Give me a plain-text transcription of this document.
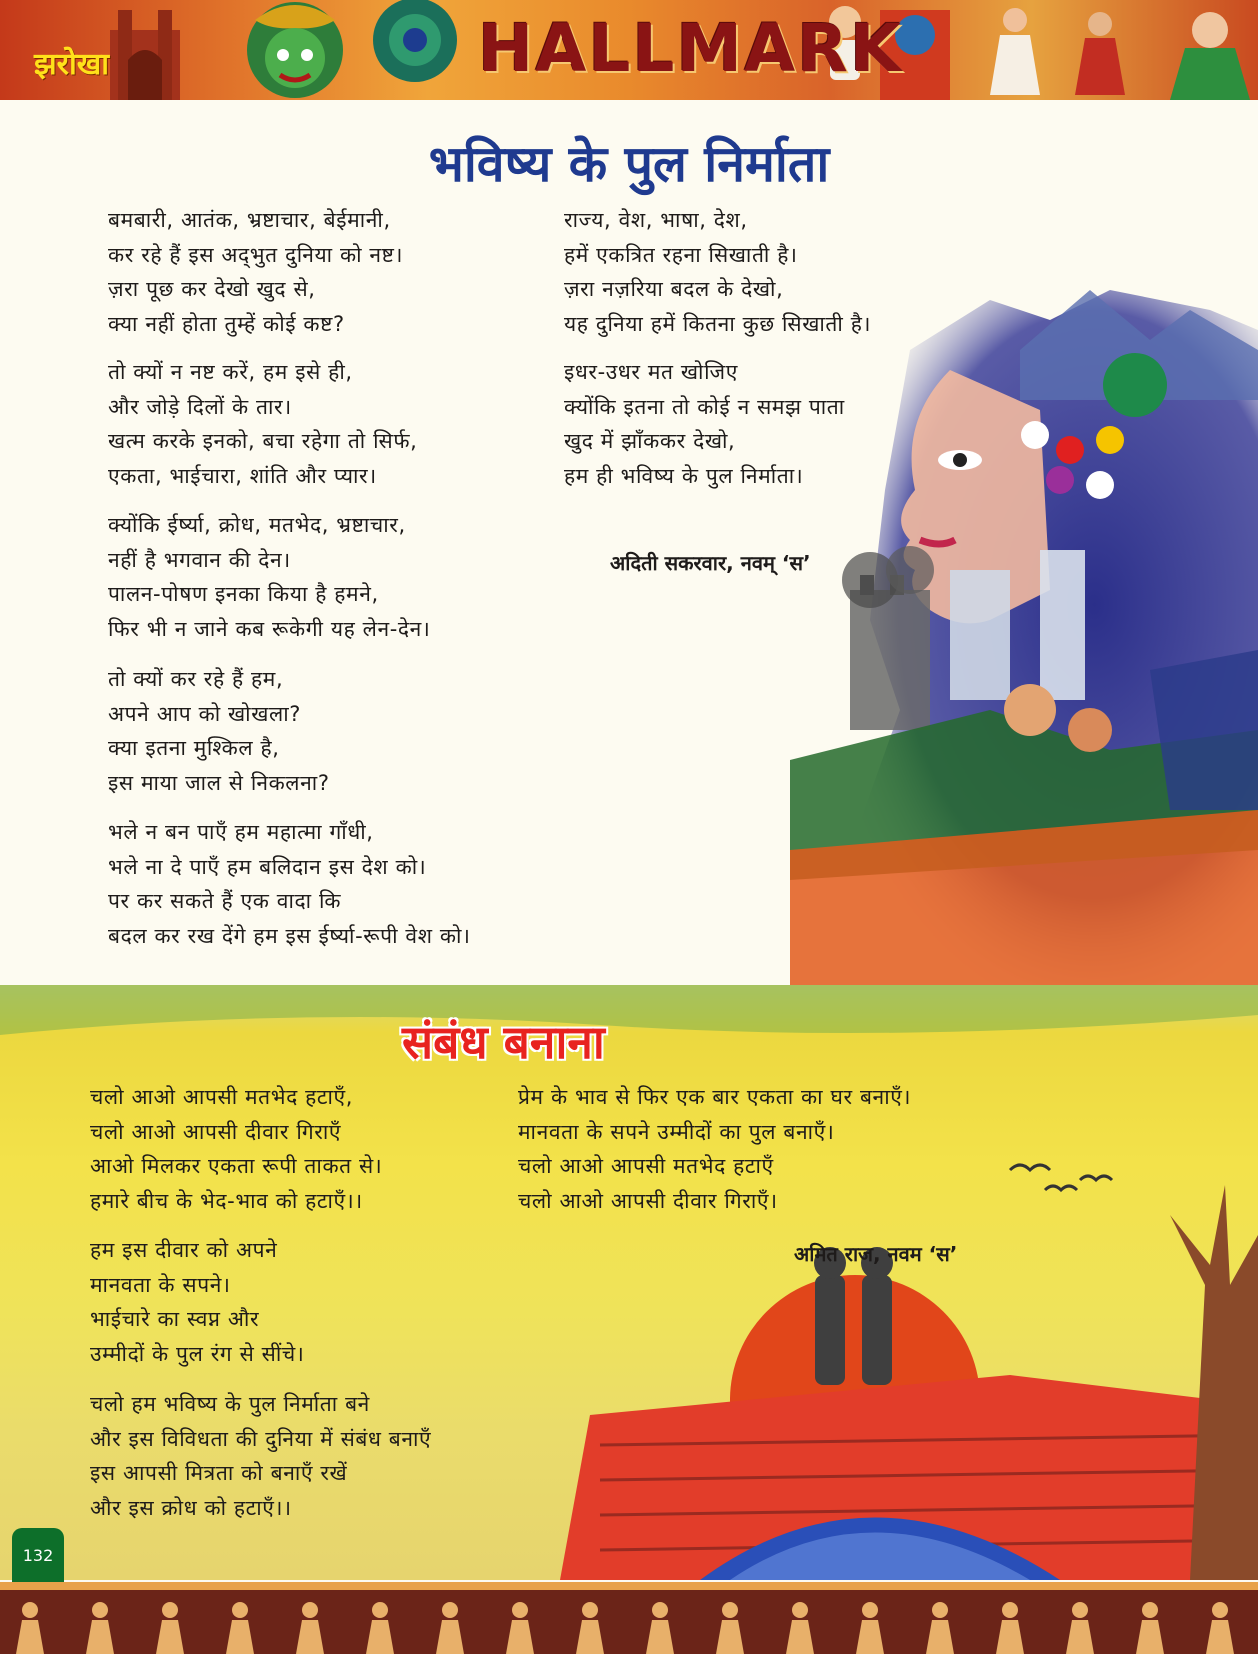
झरोखा	HALLMARK
भविष्य के पुल निर्माता
बमबारी, आतंक, भ्रष्टाचार, बेईमानी,
कर रहे हैं इस अद्‌भुत दुनिया को नष्ट।
ज़रा पूछ कर देखो खुद से,
क्या नहीं होता तुम्हें कोई कष्ट?
तो क्यों न नष्ट करें, हम इसे ही,
और जोड़े दिलों के तार।
खत्म करके इनको, बचा रहेगा तो सिर्फ,
एकता, भाईचारा, शांति और प्यार।
क्योंकि ईर्ष्या, क्रोध, मतभेद, भ्रष्टाचार,
नहीं है भगवान की देन।
पालन-पोषण इनका किया है हमने,
फिर भी न जाने कब रूकेगी यह लेन-देन।
तो क्यों कर रहे हैं हम,
अपने आप को खोखला?
क्या इतना मुश्किल है,
इस माया जाल से निकलना?
भले न बन पाएँ हम महात्मा गाँधी,
भले ना दे पाएँ हम बलिदान इस देश को।
पर कर सकते हैं एक वादा कि
बदल कर रख देंगे हम इस ईर्ष्या-रूपी वेश को।
राज्य, वेश, भाषा, देश,
हमें एकत्रित रहना सिखाती है।
ज़रा नज़रिया बदल के देखो,
यह दुनिया हमें कितना कुछ सिखाती है।
इधर-उधर मत खोजिए
क्योंकि इतना तो कोई न समझ पाता
खुद में झाँककर देखो,
हम ही भविष्य के पुल निर्माता।
अदिती सकरवार, नवम् ‘स’
संबंध बनाना
चलो आओ आपसी मतभेद हटाएँ,
चलो आओ आपसी दीवार गिराएँ
आओ मिलकर एकता रूपी ताकत से।
हमारे बीच के भेद-भाव को हटाएँ।।
हम इस दीवार को अपने
मानवता के सपने।
भाईचारे का स्वप्न और
उम्मीदों के पुल रंग से सींचे।
चलो हम भविष्य के पुल निर्माता बने
और इस विविधता की दुनिया में संबंध बनाएँ
इस आपसी मित्रता को बनाएँ रखें
और इस क्रोध को हटाएँ।।
प्रेम के भाव से फिर एक बार एकता का घर बनाएँ।
मानवता के सपने उम्मीदों का पुल बनाएँ।
चलो आओ आपसी मतभेद हटाएँ
चलो आओ आपसी दीवार गिराएँ।
अमित राज, नवम ‘स’
132
